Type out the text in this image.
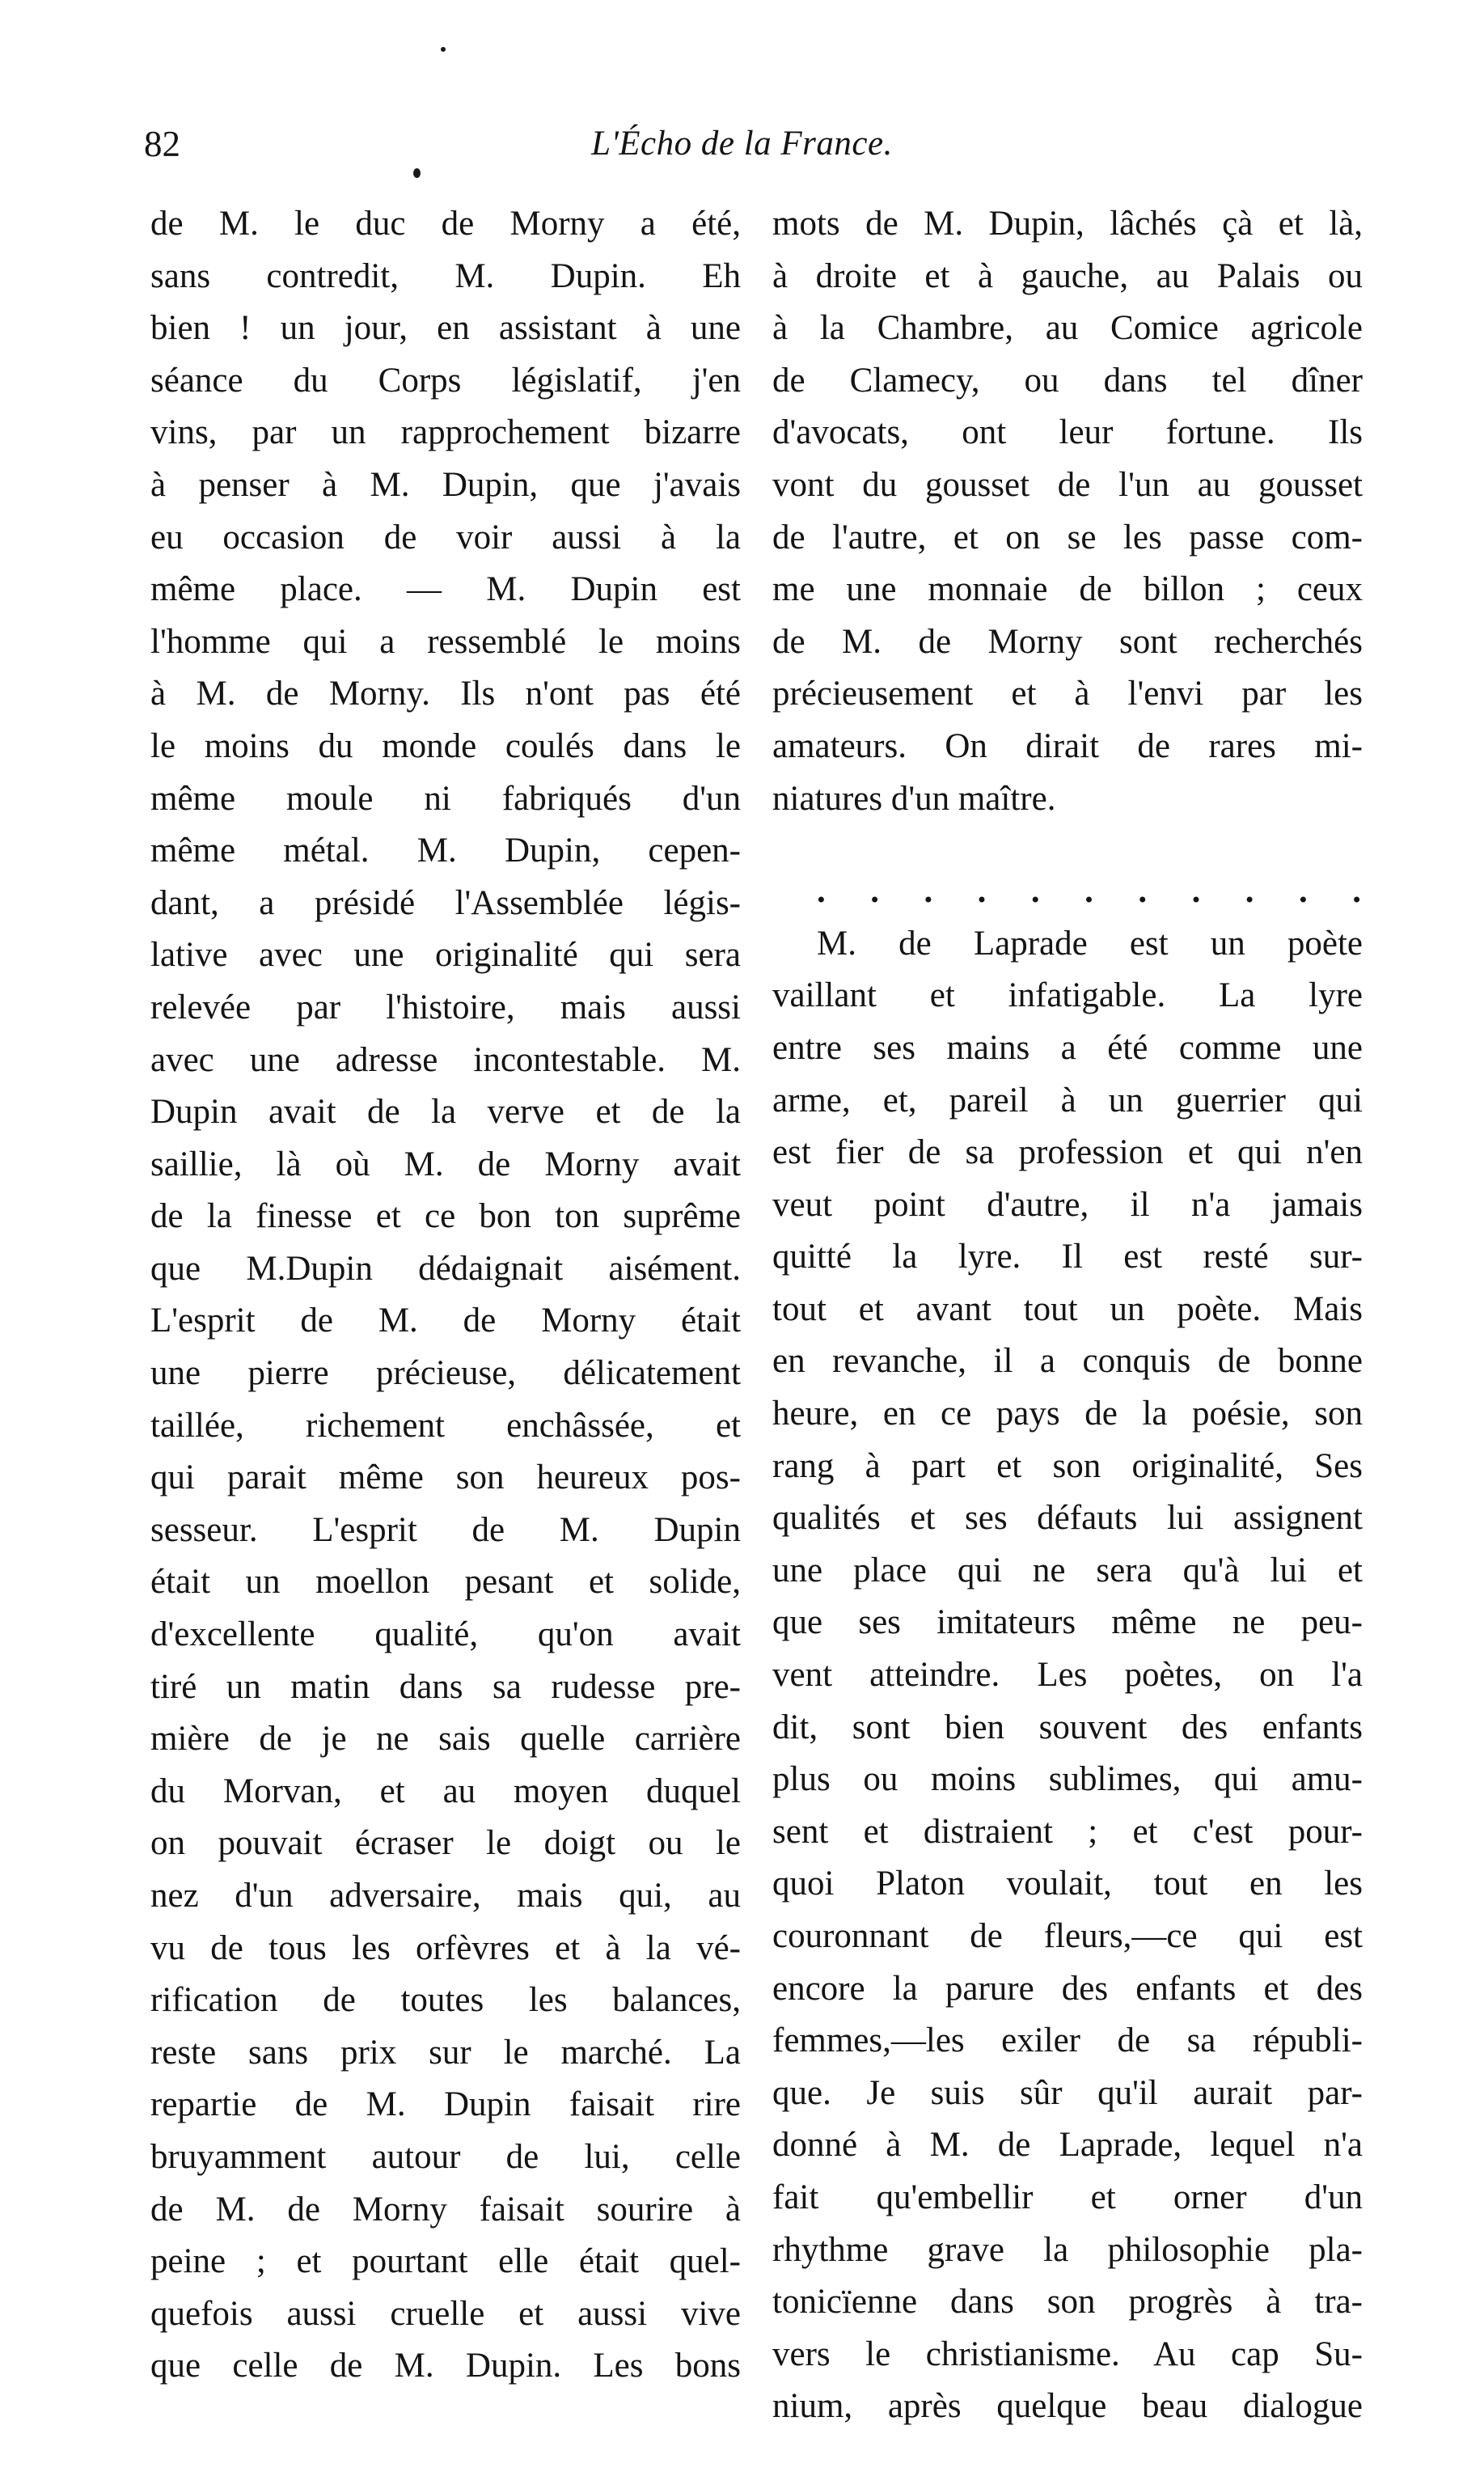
82	L'Écho de la France.
de M. le duc de Morny a été,
sans contredit, M. Dupin. Eh
bien ! un jour, en assistant à une
séance du Corps législatif, j'en
vins, par un rapprochement bizarre
à penser à M. Dupin, que j'avais
eu occasion de voir aussi à la
même place. — M. Dupin est
l'homme qui a ressemblé le moins
à M. de Morny. Ils n'ont pas été
le moins du monde coulés dans le
même moule ni fabriqués d'un
même métal. M. Dupin, cepen-
dant, a présidé l'Assemblée légis-
lative avec une originalité qui sera
relevée par l'histoire, mais aussi
avec une adresse incontestable. M.
Dupin avait de la verve et de la
saillie, là où M. de Morny avait
de la finesse et ce bon ton suprême
que M.Dupin dédaignait aisément.
L'esprit de M. de Morny était
une pierre précieuse, délicatement
taillée, richement enchâssée, et
qui parait même son heureux pos-
sesseur. L'esprit de M. Dupin
était un moellon pesant et solide,
d'excellente qualité, qu'on avait
tiré un matin dans sa rudesse pre-
mière de je ne sais quelle carrière
du Morvan, et au moyen duquel
on pouvait écraser le doigt ou le
nez d'un adversaire, mais qui, au
vu de tous les orfèvres et à la vé-
rification de toutes les balances,
reste sans prix sur le marché. La
repartie de M. Dupin faisait rire
bruyamment autour de lui, celle
de M. de Morny faisait sourire à
peine ; et pourtant elle était quel-
quefois aussi cruelle et aussi vive
que celle de M. Dupin. Les bons
mots de M. Dupin, lâchés çà et là,
à droite et à gauche, au Palais ou
à la Chambre, au Comice agricole
de Clamecy, ou dans tel dîner
d'avocats, ont leur fortune. Ils
vont du gousset de l'un au gousset
de l'autre, et on se les passe com-
me une monnaie de billon ; ceux
de M. de Morny sont recherchés
précieusement et à l'envi par les
amateurs. On dirait de rares mi-
niatures d'un maître.
. . . . . . . . . . .
M. de Laprade est un poète
vaillant et infatigable. La lyre
entre ses mains a été comme une
arme, et, pareil à un guerrier qui
est fier de sa profession et qui n'en
veut point d'autre, il n'a jamais
quitté la lyre. Il est resté sur-
tout et avant tout un poète. Mais
en revanche, il a conquis de bonne
heure, en ce pays de la poésie, son
rang à part et son originalité, Ses
qualités et ses défauts lui assignent
une place qui ne sera qu'à lui et
que ses imitateurs même ne peu-
vent atteindre. Les poètes, on l'a
dit, sont bien souvent des enfants
plus ou moins sublimes, qui amu-
sent et distraient ; et c'est pour-
quoi Platon voulait, tout en les
couronnant de fleurs,—ce qui est
encore la parure des enfants et des
femmes,—les exiler de sa républi-
que. Je suis sûr qu'il aurait par-
donné à M. de Laprade, lequel n'a
fait qu'embellir et orner d'un
rhythme grave la philosophie pla-
tonicïenne dans son progrès à tra-
vers le christianisme. Au cap Su-
nium, après quelque beau dialogue
